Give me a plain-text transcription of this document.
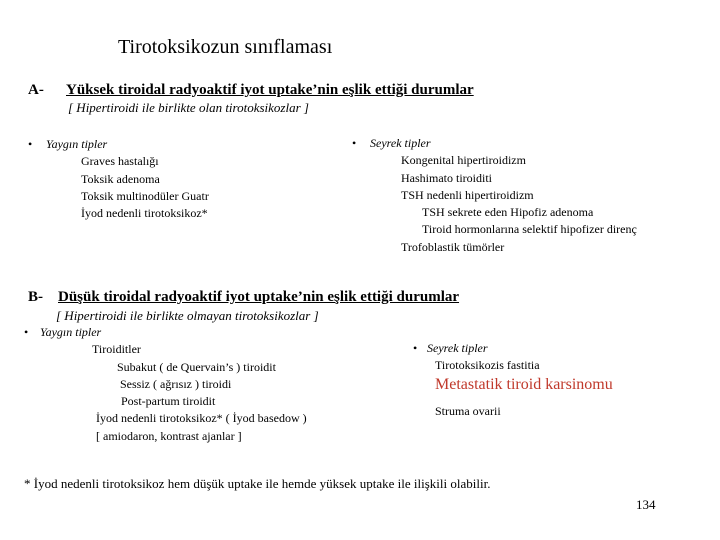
Tirotoksikozun sınıflaması
A- Yüksek tiroidal radyoaktif iyot uptake’nin eşlik ettiği durumlar
[ Hipertiroidi ile birlikte olan tirotoksikozlar ]
• Yaygın tipler
Graves hastalığı
Toksik adenoma
Toksik multinodüler Guatr
İyod nedenli tirotoksikoz*
• Seyrek tipler
Kongenital hipertiroidizm
Hashimato tiroiditi
TSH nedenli hipertiroidizm
TSH sekrete eden Hipofiz adenoma
Tiroid hormonlarına selektif hipofizer direnç
Trofoblastik tümörler
B- Düşük tiroidal radyoaktif iyot uptake’nin eşlik ettiği durumlar
[ Hipertiroidi ile birlikte olmayan tirotoksikozlar ]
• Yaygın tipler
Tiroiditler
Subakut ( de Quervain’s ) tiroidit
Sessiz ( ağrısız ) tiroidi
Post-partum tiroidit
İyod nedenli tirotoksikoz* ( İyod basedow )
[ amiodaron, kontrast ajanlar ]
• Seyrek tipler
Tirotoksikozis fastitia
Metastatik tiroid karsinomu
Struma ovarii
* İyod nedenli tirotoksikoz hem düşük uptake ile hemde yüksek uptake ile ilişkili olabilir.
134
